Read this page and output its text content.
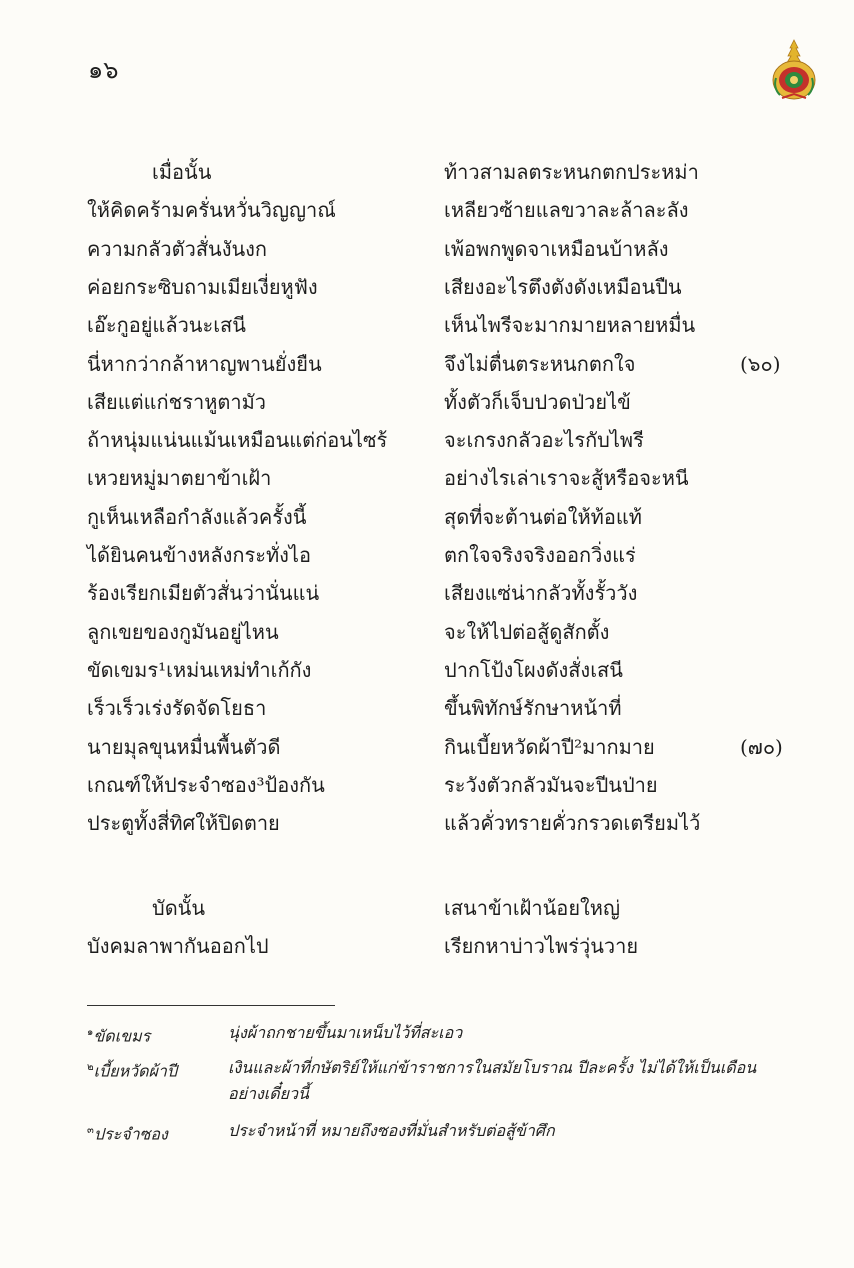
๑๖
เมื่อนั้น	ท้าวสามลตระหนกตกประหม่า
ให้คิดคร้ามครั่นหวั่นวิญญาณ์	เหลียวซ้ายแลขวาละล้าละลัง
ความกลัวตัวสั่นงันงก	เพ้อพกพูดจาเหมือนบ้าหลัง
ค่อยกระซิบถามเมียเงี่ยหูฟัง	เสียงอะไรตึงตังดังเหมือนปืน
เอ๊ะกูอยู่แล้วนะเสนี	เห็นไพรีจะมากมายหลายหมื่น
นี่หากว่ากล้าหาญพานยั่งยืน	จึงไม่ตื่นตระหนกตกใจ	(๖๐)
เสียแต่แก่ชราหูตามัว	ทั้งตัวก็เจ็บปวดป่วยไข้
ถ้าหนุ่มแน่นแม้นเหมือนแต่ก่อนไซร้	จะเกรงกลัวอะไรกับไพรี
เหวยหมู่มาตยาข้าเฝ้า	อย่างไรเล่าเราจะสู้หรือจะหนี
กูเห็นเหลือกำลังแล้วครั้งนี้	สุดที่จะต้านต่อให้ท้อแท้
ได้ยินคนข้างหลังกระทั่งไอ	ตกใจจริงจริงออกวิ่งแร่
ร้องเรียกเมียตัวสั่นว่านั่นแน่	เสียงแซ่น่ากลัวทั้งรั้ววัง
ลูกเขยของกูมันอยู่ไหน	จะให้ไปต่อสู้ดูสักตั้ง
ขัดเขมร¹เหม่นเหม่ทำเก้กัง	ปากโป้งโผงดังสั่งเสนี
เร็วเร็วเร่งรัดจัดโยธา	ขึ้นพิทักษ์รักษาหน้าที่
นายมุลขุนหมื่นพื้นตัวดี	กินเบี้ยหวัดผ้าปี²มากมาย	(๗๐)
เกณฑ์ให้ประจำซอง³ป้องกัน	ระวังตัวกลัวมันจะปีนป่าย
ประตูทั้งสี่ทิศให้ปิดตาย	แล้วคั่วทรายคั่วกรวดเตรียมไว้
บัดนั้น	เสนาข้าเฝ้าน้อยใหญ่
บังคมลาพากันออกไป	เรียกหาบ่าวไพร่วุ่นวาย
$^๑$ขัดเขมร	นุ่งผ้าถกชายขึ้นมาเหน็บไว้ที่สะเอว
$^๒$เบี้ยหวัดผ้าปี	เงินและผ้าที่กษัตริย์ให้แก่ข้าราชการในสมัยโบราณ ปีละครั้ง ไม่ได้ให้เป็นเดือนอย่างเดี๋ยวนี้
$^๓$ประจำซอง	ประจำหน้าที่ หมายถึงซองที่มั่นสำหรับต่อสู้ข้าศึก
